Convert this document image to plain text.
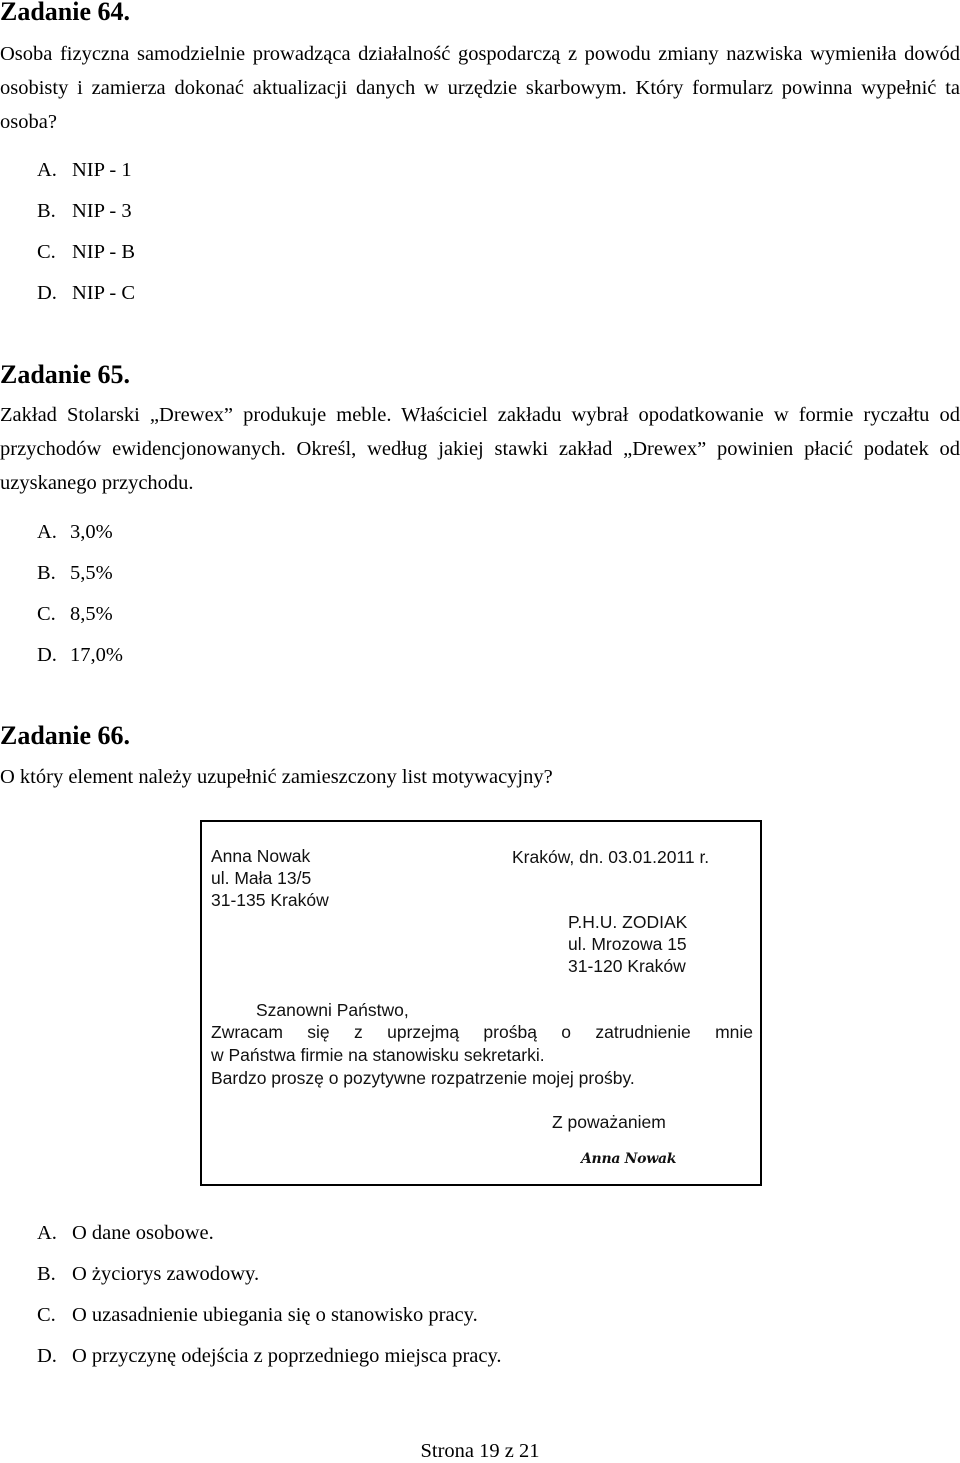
Zadanie 64.
Osoba fizyczna samodzielnie prowadząca działalność gospodarczą z powodu zmiany nazwiska wymieniła dowód osobisty i zamierza dokonać aktualizacji danych w urzędzie skarbowym. Który formularz powinna wypełnić ta osoba?
A. NIP - 1
B. NIP - 3
C. NIP - B
D. NIP - C
Zadanie 65.
Zakład Stolarski „Drewex” produkuje meble. Właściciel zakładu wybrał opodatkowanie w formie ryczałtu od przychodów ewidencjonowanych. Określ, według jakiej stawki zakład „Drewex” powinien płacić podatek od uzyskanego przychodu.
A. 3,0%
B. 5,5%
C. 8,5%
D. 17,0%
Zadanie 66.
O który element należy uzupełnić zamieszczony list motywacyjny?
Anna Nowak
ul. Mała 13/5
31-135 Kraków
Kraków, dn. 03.01.2011 r.
P.H.U. ZODIAK
ul. Mrozowa 15
31-120 Kraków
Szanowni Państwo,
Zwracam się z uprzejmą prośbą o zatrudnienie mnie
w Państwa firmie na stanowisku sekretarki.
Bardzo proszę o pozytywne rozpatrzenie mojej prośby.
Z poważaniem
Anna Nowak
A. O dane osobowe.
B. O życiorys zawodowy.
C. O uzasadnienie ubiegania się o stanowisko pracy.
D. O przyczynę odejścia z poprzedniego miejsca pracy.
Strona 19 z 21
